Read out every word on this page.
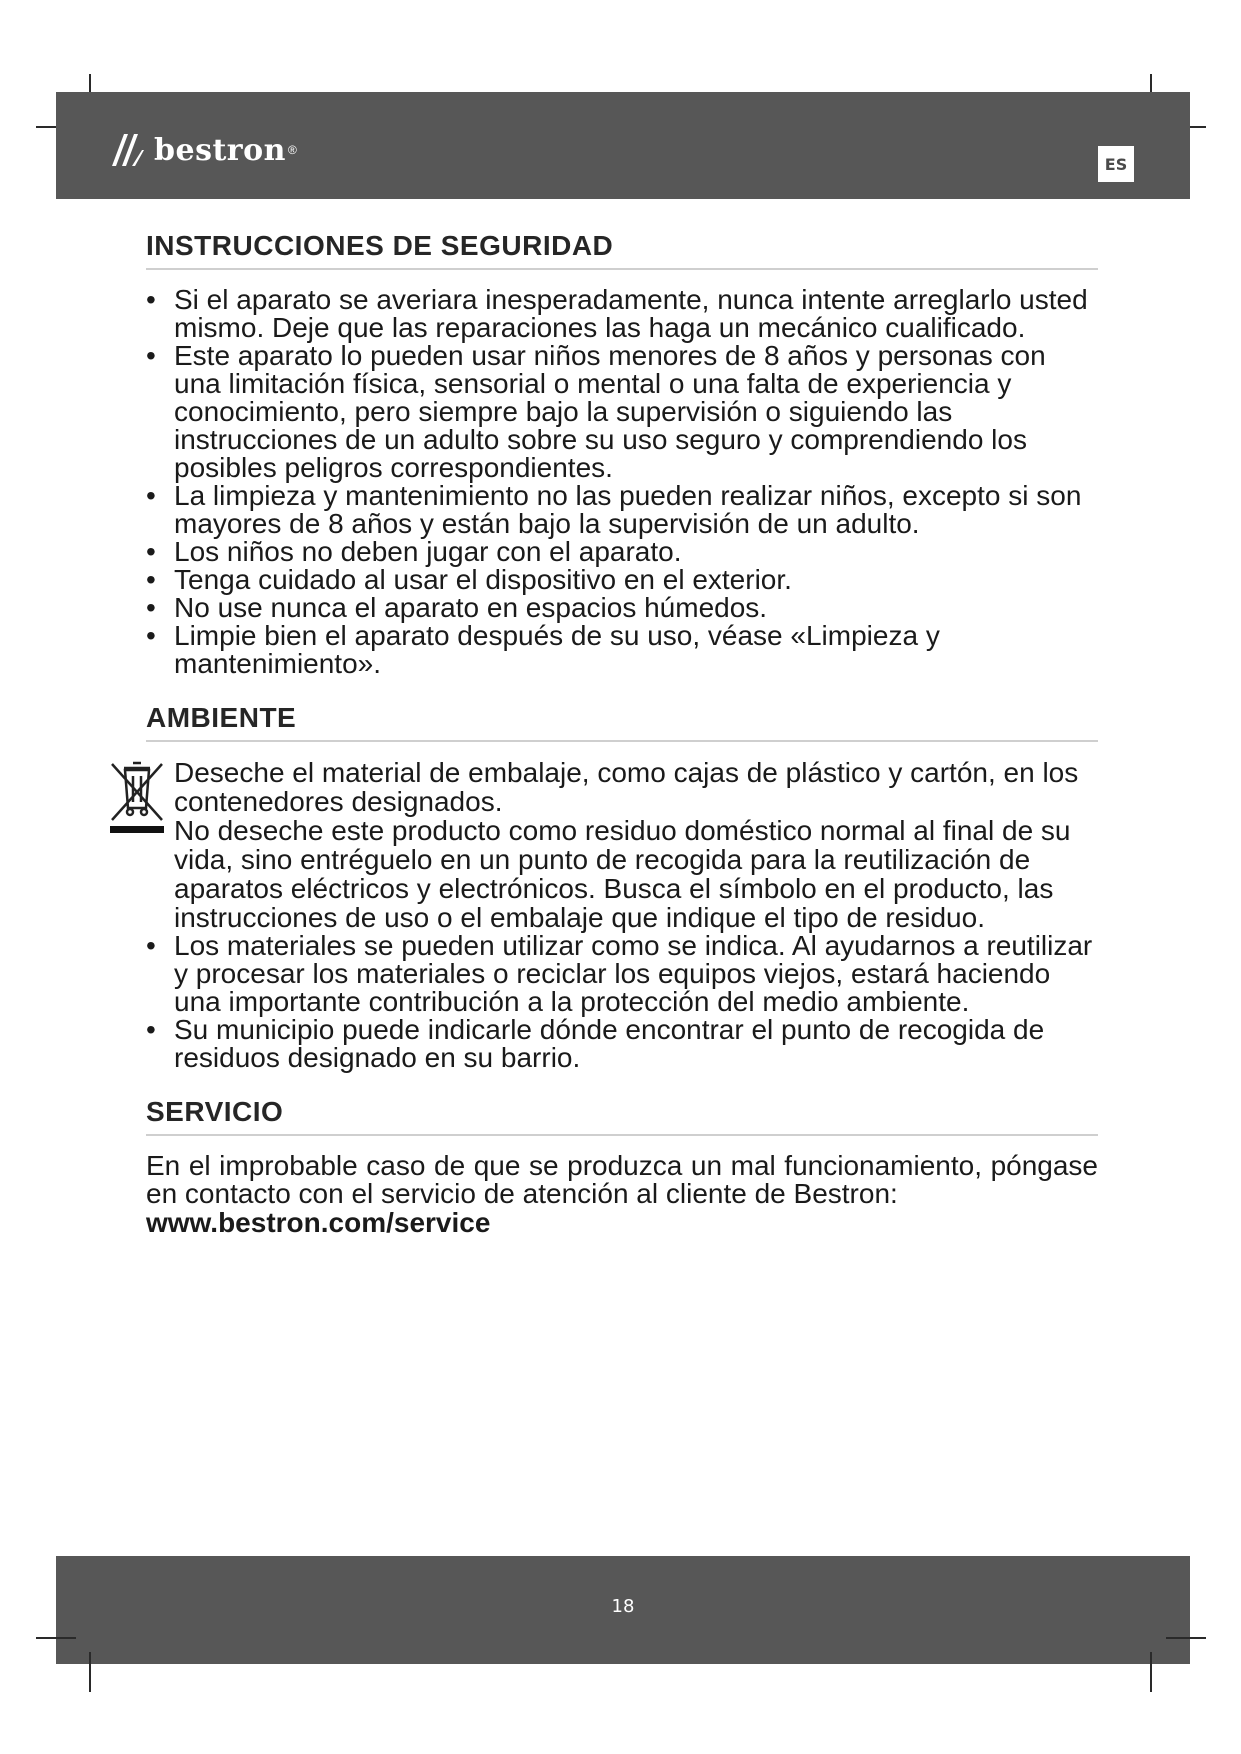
bestron ®
ES
INSTRUCCIONES DE SEGURIDAD
• Si el aparato se averiara inesperadamente, nunca intente arreglarlo usted mismo. Deje que las reparaciones las haga un mecánico cualificado.
• Este aparato lo pueden usar niños menores de 8 años y personas con una limitación física, sensorial o mental o una falta de experiencia y conocimiento, pero siempre bajo la supervisión o siguiendo las instrucciones de un adulto sobre su uso seguro y comprendiendo los posibles peligros correspondientes.
• La limpieza y mantenimiento no las pueden realizar niños, excepto si son mayores de 8 años y están bajo la supervisión de un adulto.
• Los niños no deben jugar con el aparato.
• Tenga cuidado al usar el dispositivo en el exterior.
• No use nunca el aparato en espacios húmedos.
• Limpie bien el aparato después de su uso, véase «Limpieza y mantenimiento».
AMBIENTE

Deseche el material de embalaje, como cajas de plástico y cartón, en los contenedores designados.

No deseche este producto como residuo doméstico normal al final de su vida, sino entréguelo en un punto de recogida para la reutilización de aparatos eléctricos y electrónicos. Busca el símbolo en el producto, las instrucciones de uso o el embalaje que indique el tipo de residuo.

• Los materiales se pueden utilizar como se indica. Al ayudarnos a reutilizar y procesar los materiales o reciclar los equipos viejos, estará haciendo una importante contribución a la protección del medio ambiente.
• Su municipio puede indicarle dónde encontrar el punto de recogida de residuos designado en su barrio.
SERVICIO

En el improbable caso de que se produzca un mal funcionamiento, póngase en contacto con el servicio de atención al cliente de Bestron:

www.bestron.com/service
18
